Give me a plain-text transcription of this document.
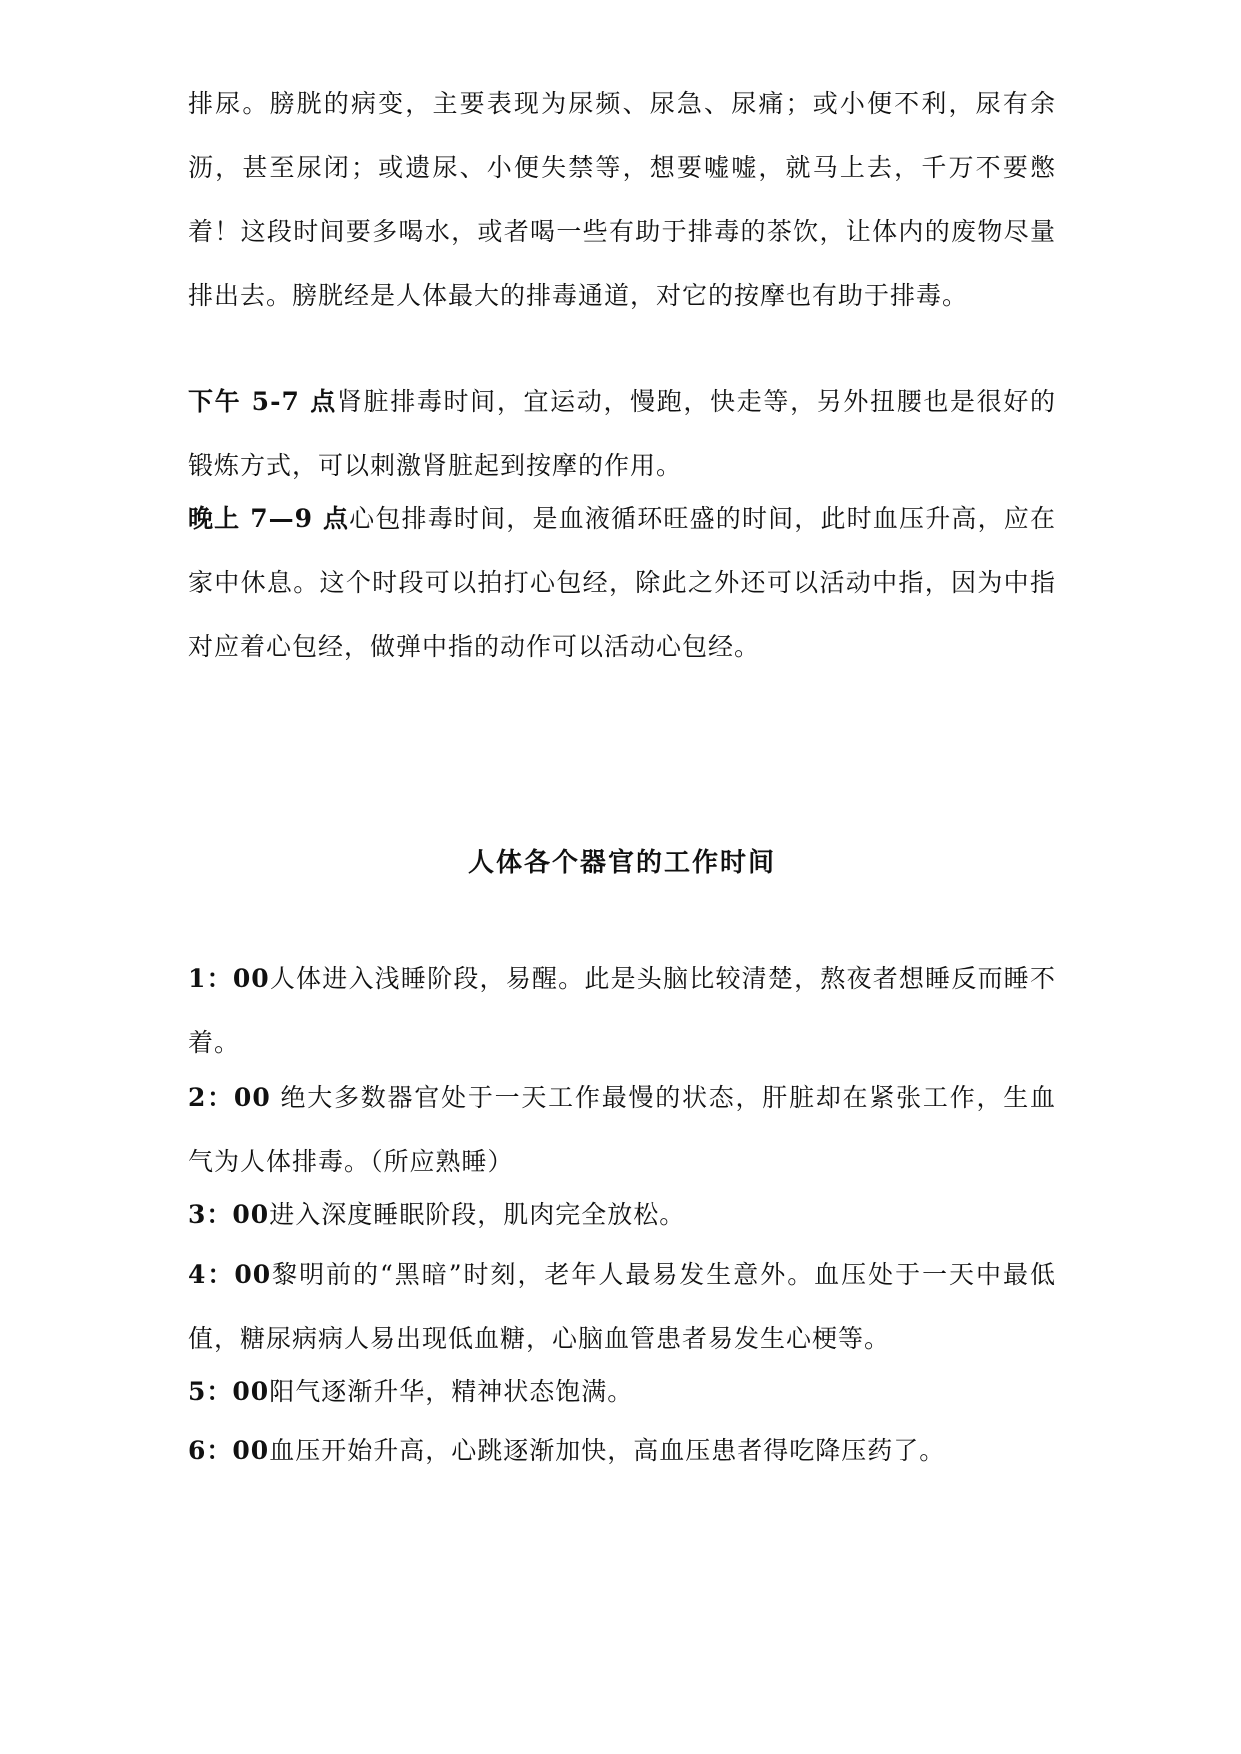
排尿。膀胱的病变，主要表现为尿频、尿急、尿痛；或小便不利，尿有余沥，甚至尿闭；或遗尿、小便失禁等，想要嘘嘘，就马上去，千万不要憋着！这段时间要多喝水，或者喝一些有助于排毒的茶饮，让体内的废物尽量排出去。膀胱经是人体最大的排毒通道，对它的按摩也有助于排毒。

下午 5-7 点肾脏排毒时间，宜运动，慢跑，快走等，另外扭腰也是很好的锻炼方式，可以刺激肾脏起到按摩的作用。

晚上 7—9 点心包排毒时间，是血液循环旺盛的时间，此时血压升高，应在家中休息。这个时段可以拍打心包经，除此之外还可以活动中指，因为中指对应着心包经，做弹中指的动作可以活动心包经。

人体各个器官的工作时间

1：00人体进入浅睡阶段，易醒。此是头脑比较清楚，熬夜者想睡反而睡不着。

2：00 绝大多数器官处于一天工作最慢的状态，肝脏却在紧张工作，生血气为人体排毒。（所应熟睡）

3：00进入深度睡眠阶段，肌肉完全放松。

4：00黎明前的“黑暗”时刻，老年人最易发生意外。血压处于一天中最低值，糖尿病病人易出现低血糖，心脑血管患者易发生心梗等。

5：00阳气逐渐升华，精神状态饱满。

6：00血压开始升高，心跳逐渐加快，高血压患者得吃降压药了。
